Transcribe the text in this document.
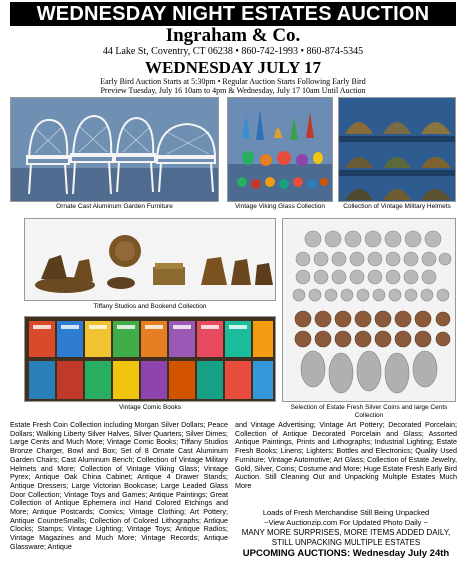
WEDNESDAY NIGHT ESTATES AUCTION
Ingraham & Co.
44 Lake St, Coventry, CT 06238 • 860-742-1993 • 860-874-5345
WEDNESDAY JULY 17
Early Bird Auction Starts at 5:30pm • Regular Auction Starts Following Early Bird
Preview Tuesday, July 16 10am to 4pm & Wednesday, July 17 10am Until Auction
Ornate Cast Aluminum Garden Furniture	Vintage Viking Glass Collection	Collection of Vintage Military Helmets
Tiffany Studios and Bookend Collection
Vintage Comic Books	Selection of Estate Fresh Silver Coins and large Cents Collection
Estate Fresh Coin Collection including Morgan Silver Dollars; Peace Dollars; Walking Liberty Silver Halves, Silver Quarters; Silver Dimes; Large Cents and Much More; Vintage Comic Books; Tiffany Studios Bronze Charger, Bowl and Box; Set of 8 Ornate Cast Aluminum Garden Chairs; Cast Aluminum Bench; Collection of Vintage Military Helmets and More; Collection of Vintage Viking Glass; Vintage Pyrex; Antique Oak China Cabinet; Antique 4 Drawer Stands; Antique Dressers; Large Victorian Bookcase; Large Leaded Glass Door Collection; Vintage Toys and Games; Antique Paintings; Great Collection of Antique Ephemera incl Hand Colored Etchings and More; Antique Postcards; Comics; Vintage Clothing; Art Pottery; Antique CountreSmalls; Collection of Colored Lithographs; Antique Clocks; Stamps; Vintage Lighting; Vintage Toys; Antique Radios; Vintage Magazines and Much More; Vintage Records; Antique Glassware; Antique
and Vintage Advertising; Vintage Art Pottery; Decorated Porcelain; Collection of Antique Decorated Porcelain and Glass; Assorted Antique Paintings, Prints and Lithographs; Industrial Lighting; Estate Fresh Books; Linens; Lighters; Bottles and Electronics; Quality Used Furniture; Vintage Automotive; Art Glass; Collection of Estate Jewelry, Gold, Silver, Coins; Costume and More; Huge Estate Fresh Early Bird Auction. Still Cleaning Out and Unpacking Multiple Estates Much More
Loads of Fresh Merchandise Still Being Unpacked
~View Auctionzip.com For Updated Photo Daily ~
MANY MORE SURPRISES, MORE ITEMS ADDED DAILY, STILL UNPACKING MULTIPLE ESTATES
UPCOMING AUCTIONS: Wednesday July 24th
